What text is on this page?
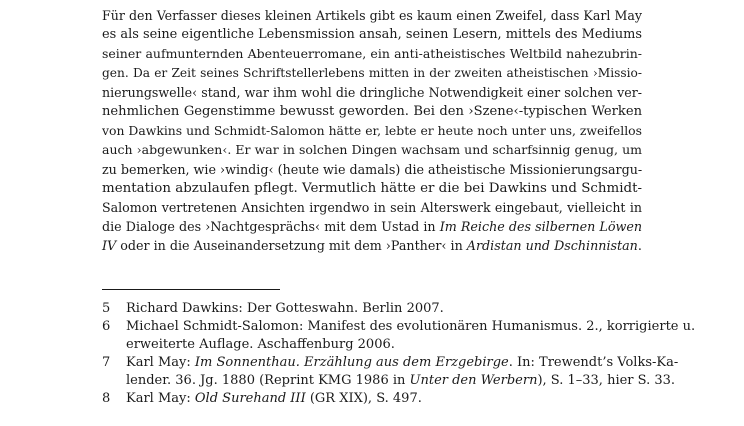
Für den Verfasser dieses kleinen Artikels gibt es kaum einen Zweifel, dass Karl May
es als seine eigentliche Lebensmission ansah, seinen Lesern, mittels des Mediums
seiner aufmunternden Abenteuerromane, ein anti-atheistisches Weltbild nahezubrin-
gen. Da er Zeit seines Schriftstellerlebens mitten in der zweiten atheistischen ›Missio-
nierungswelle‹ stand, war ihm wohl die dringliche Notwendigkeit einer solchen ver-
nehmlichen Gegenstimme bewusst geworden. Bei den ›Szene‹-typischen Werken
von Dawkins und Schmidt-Salomon hätte er, lebte er heute noch unter uns, zweifellos
auch ›abgewunken‹. Er war in solchen Dingen wachsam und scharfsinnig genug, um
zu bemerken, wie ›windig‹ (heute wie damals) die atheistische Missionierungsargu-
mentation abzulaufen pflegt. Vermutlich hätte er die bei Dawkins und Schmidt-
Salomon vertretenen Ansichten irgendwo in sein Alterswerk eingebaut, vielleicht in
die Dialoge des ›Nachtgesprächs‹ mit dem Ustad in Im Reiche des silbernen Löwen
IV oder in die Auseinandersetzung mit dem ›Panther‹ in Ardistan und Dschinnistan.
5	Richard Dawkins: Der Gotteswahn. Berlin 2007.
6	Michael Schmidt-Salomon: Manifest des evolutionären Humanismus. 2., korrigierte u.
erweiterte Auflage. Aschaffenburg 2006.
7	Karl May: Im Sonnenthau. Erzählung aus dem Erzgebirge. In: Trewendt’s Volks-Ka-
lender. 36. Jg. 1880 (Reprint KMG 1986 in Unter den Werbern), S. 1–33, hier S. 33.
8	Karl May: Old Surehand III (GR XIX), S. 497.
